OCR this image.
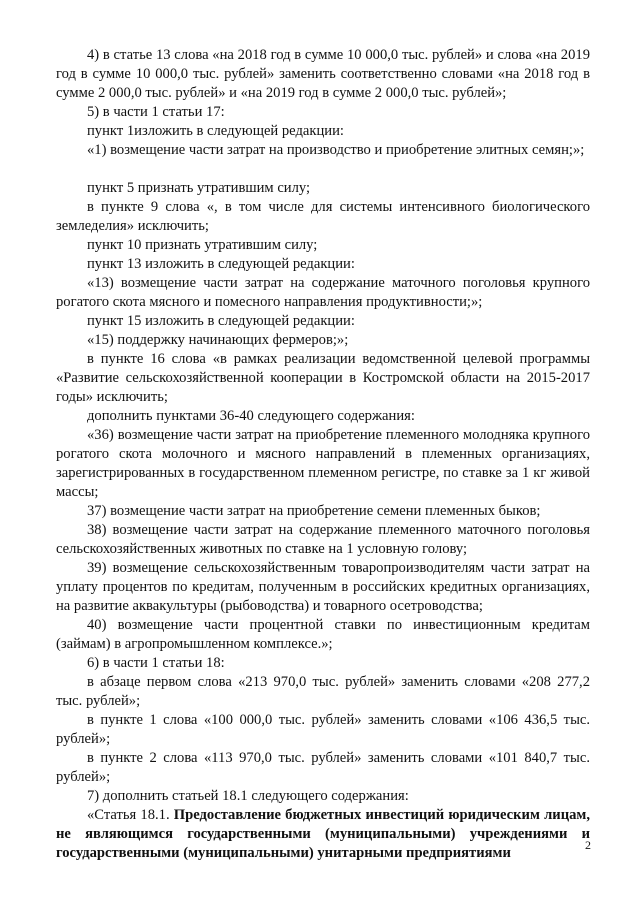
4) в статье 13 слова «на 2018 год в сумме 10 000,0 тыс. рублей» и слова «на 2019 год в сумме 10 000,0 тыс. рублей» заменить соответственно словами «на 2018 год в сумме 2 000,0 тыс. рублей» и «на 2019 год в сумме 2 000,0 тыс. рублей»;

5) в части 1 статьи 17:

пункт 1изложить в следующей редакции:

«1) возмещение части затрат на производство и приобретение элитных семян;»;

пункт 5 признать утратившим силу;

в пункте 9 слова «, в том числе для системы интенсивного биологического земледелия» исключить;

пункт 10 признать утратившим силу;

пункт 13 изложить в следующей редакции:

«13) возмещение части затрат на содержание маточного поголовья крупного рогатого скота мясного и помесного направления продуктивности;»;

пункт 15 изложить в следующей редакции:

«15) поддержку начинающих фермеров;»;

в пункте 16 слова «в рамках реализации ведомственной целевой программы «Развитие сельскохозяйственной кооперации в Костромской области на 2015-2017 годы» исключить;

дополнить пунктами 36-40 следующего содержания:

«36) возмещение части затрат на приобретение племенного молодняка крупного рогатого скота молочного и мясного направлений в племенных организациях, зарегистрированных в государственном племенном регистре, по ставке за 1 кг живой массы;

37) возмещение части затрат на приобретение семени племенных быков;

38) возмещение части затрат на содержание племенного маточного поголовья сельскохозяйственных животных по ставке на 1 условную голову;

39) возмещение сельскохозяйственным товаропроизводителям части затрат на уплату процентов по кредитам, полученным в российских кредитных организациях, на развитие аквакультуры (рыбоводства) и товарного осетроводства;

40) возмещение части процентной ставки по инвестиционным кредитам (займам) в агропромышленном комплексе.»;

6) в части 1 статьи 18:

в абзаце первом слова «213 970,0 тыс. рублей» заменить словами «208 277,2 тыс. рублей»;

в пункте 1 слова «100 000,0 тыс. рублей» заменить словами «106 436,5 тыс. рублей»;

в пункте 2 слова «113 970,0 тыс. рублей» заменить словами «101 840,7 тыс. рублей»;

7) дополнить статьей 18.1 следующего содержания:

«Статья 18.1. Предоставление бюджетных инвестиций юридическим лицам, не являющимся государственными (муниципальными) учреждениями и государственными (муниципальными) унитарными предприятиями	2
